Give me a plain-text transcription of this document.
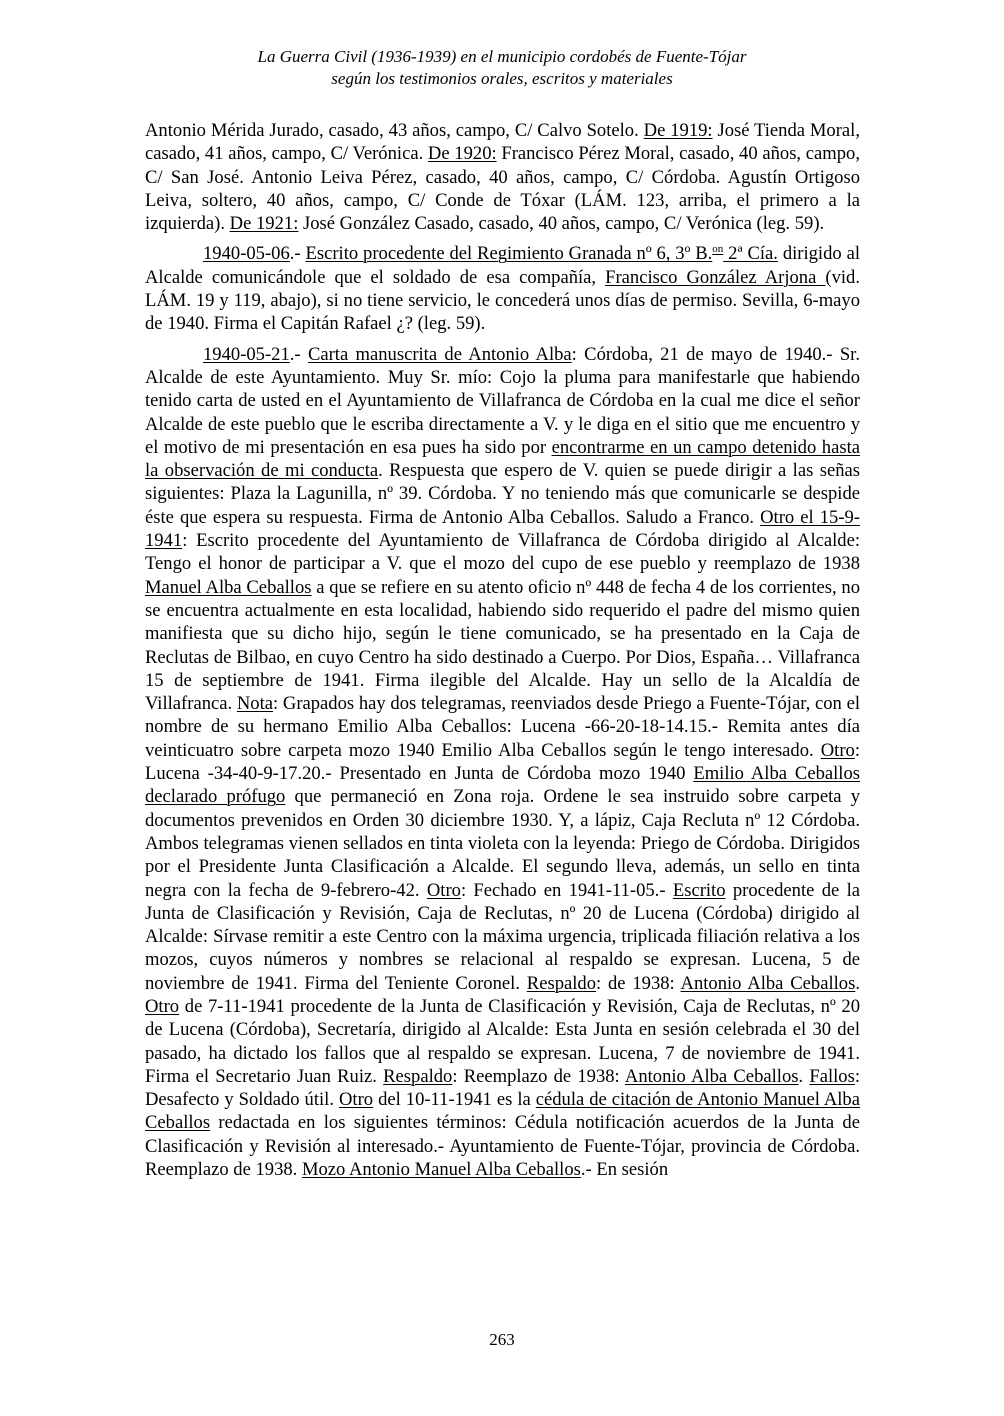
La Guerra Civil (1936-1939) en el municipio cordobés de Fuente-Tójar
según los testimonios orales, escritos y materiales

Antonio Mérida Jurado, casado, 43 años, campo, C/ Calvo Sotelo. De 1919: José Tienda Moral, casado, 41 años, campo, C/ Verónica. De 1920: Francisco Pérez Moral, casado, 40 años, campo, C/ San José. Antonio Leiva Pérez, casado, 40 años, campo, C/ Córdoba. Agustín Ortigoso Leiva, soltero, 40 años, campo, C/ Conde de Tóxar (LÁM. 123, arriba, el primero a la izquierda). De 1921: José González Casado, casado, 40 años, campo, C/ Verónica (leg. 59).

1940-05-06.- Escrito procedente del Regimiento Granada nº 6, 3º B.$^{on}$ 2ª Cía. dirigido al Alcalde comunicándole que el soldado de esa compañía, Francisco González Arjona (vid. LÁM. 19 y 119, abajo), si no tiene servicio, le concederá unos días de permiso. Sevilla, 6-mayo de 1940. Firma el Capitán Rafael ¿? (leg. 59).

1940-05-21.- Carta manuscrita de Antonio Alba: Córdoba, 21 de mayo de 1940.- Sr. Alcalde de este Ayuntamiento. Muy Sr. mío: Cojo la pluma para manifestarle que habiendo tenido carta de usted en el Ayuntamiento de Villafranca de Córdoba en la cual me dice el señor Alcalde de este pueblo que le escriba directamente a V. y le diga en el sitio que me encuentro y el motivo de mi presentación en esa pues ha sido por encontrarme en un campo detenido hasta la observación de mi conducta. Respuesta que espero de V. quien se puede dirigir a las señas siguientes: Plaza la Lagunilla, nº 39. Córdoba. Y no teniendo más que comunicarle se despide éste que espera su respuesta. Firma de Antonio Alba Ceballos. Saludo a Franco. Otro el 15-9-1941: Escrito procedente del Ayuntamiento de Villafranca de Córdoba dirigido al Alcalde: Tengo el honor de participar a V. que el mozo del cupo de ese pueblo y reemplazo de 1938 Manuel Alba Ceballos a que se refiere en su atento oficio nº 448 de fecha 4 de los corrientes, no se encuentra actualmente en esta localidad, habiendo sido requerido el padre del mismo quien manifiesta que su dicho hijo, según le tiene comunicado, se ha presentado en la Caja de Reclutas de Bilbao, en cuyo Centro ha sido destinado a Cuerpo. Por Dios, España… Villafranca 15 de septiembre de 1941. Firma ilegible del Alcalde. Hay un sello de la Alcaldía de Villafranca. Nota: Grapados hay dos telegramas, reenviados desde Priego a Fuente-Tójar, con el nombre de su hermano Emilio Alba Ceballos: Lucena -66-20-18-14.15.- Remita antes día veinticuatro sobre carpeta mozo 1940 Emilio Alba Ceballos según le tengo interesado. Otro: Lucena -34-40-9-17.20.- Presentado en Junta de Córdoba mozo 1940 Emilio Alba Ceballos declarado prófugo que permaneció en Zona roja. Ordene le sea instruido sobre carpeta y documentos prevenidos en Orden 30 diciembre 1930. Y, a lápiz, Caja Recluta nº 12 Córdoba. Ambos telegramas vienen sellados en tinta violeta con la leyenda: Priego de Córdoba. Dirigidos por el Presidente Junta Clasificación a Alcalde. El segundo lleva, además, un sello en tinta negra con la fecha de 9-febrero-42. Otro: Fechado en 1941-11-05.- Escrito procedente de la Junta de Clasificación y Revisión, Caja de Reclutas, nº 20 de Lucena (Córdoba) dirigido al Alcalde: Sírvase remitir a este Centro con la máxima urgencia, triplicada filiación relativa a los mozos, cuyos números y nombres se relacional al respaldo se expresan. Lucena, 5 de noviembre de 1941. Firma del Teniente Coronel. Respaldo: de 1938: Antonio Alba Ceballos. Otro de 7-11-1941 procedente de la Junta de Clasificación y Revisión, Caja de Reclutas, nº 20 de Lucena (Córdoba), Secretaría, dirigido al Alcalde: Esta Junta en sesión celebrada el 30 del pasado, ha dictado los fallos que al respaldo se expresan. Lucena, 7 de noviembre de 1941. Firma el Secretario Juan Ruiz. Respaldo: Reemplazo de 1938: Antonio Alba Ceballos. Fallos: Desafecto y Soldado útil. Otro del 10-11-1941 es la cédula de citación de Antonio Manuel Alba Ceballos redactada en los siguientes términos: Cédula notificación acuerdos de la Junta de Clasificación y Revisión al interesado.- Ayuntamiento de Fuente-Tójar, provincia de Córdoba. Reemplazo de 1938. Mozo Antonio Manuel Alba Ceballos.- En sesión

263
